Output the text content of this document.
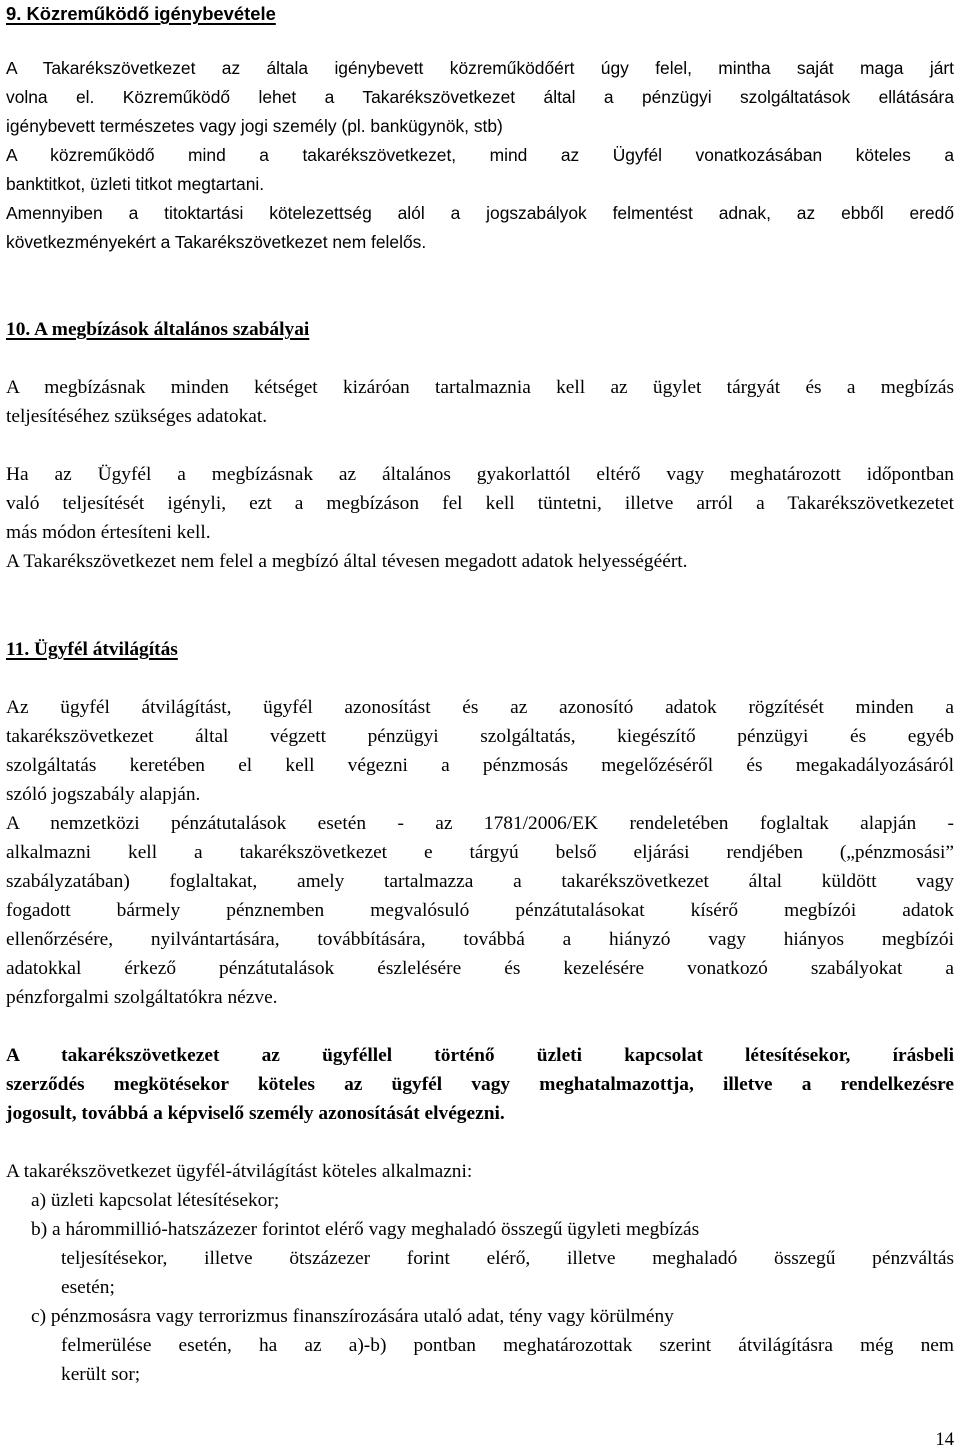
9. Közreműködő igénybevétele
A Takarékszövetkezet az általa igénybevett közreműködőért úgy felel, mintha saját maga járt
volna el. Közreműködő lehet a Takarékszövetkezet által a pénzügyi szolgáltatások ellátására
igénybevett természetes vagy jogi személy (pl. bankügynök, stb)
A közreműködő mind a takarékszövetkezet, mind az Ügyfél vonatkozásában köteles a
banktitkot, üzleti titkot megtartani.
Amennyiben a titoktartási kötelezettség alól a jogszabályok felmentést adnak, az ebből eredő
következményekért a Takarékszövetkezet nem felelős.
10. A megbízások általános szabályai
A megbízásnak minden kétséget kizáróan tartalmaznia kell az ügylet tárgyát és a megbízás
teljesítéséhez szükséges adatokat.
Ha az Ügyfél a megbízásnak az általános gyakorlattól eltérő vagy meghatározott időpontban
való teljesítését igényli, ezt a megbízáson fel kell tüntetni, illetve arról a Takarékszövetkezetet
más módon értesíteni kell.
A Takarékszövetkezet nem felel a megbízó által tévesen megadott adatok helyességéért.
11. Ügyfél átvilágítás
Az ügyfél átvilágítást, ügyfél azonosítást és az azonosító adatok rögzítését minden a
takarékszövetkezet által végzett pénzügyi szolgáltatás, kiegészítő pénzügyi és egyéb
szolgáltatás keretében el kell végezni a pénzmosás megelőzéséről és megakadályozásáról
szóló jogszabály alapján.
A nemzetközi pénzátutalások esetén - az 1781/2006/EK rendeletében foglaltak alapján -
alkalmazni kell a takarékszövetkezet e tárgyú belső eljárási rendjében („pénzmosási”
szabályzatában) foglaltakat, amely tartalmazza a takarékszövetkezet által küldött vagy
fogadott bármely pénznemben megvalósuló pénzátutalásokat kísérő megbízói adatok
ellenőrzésére, nyilvántartására, továbbítására, továbbá a hiányzó vagy hiányos megbízói
adatokkal érkező pénzátutalások észlelésére és kezelésére vonatkozó szabályokat a
pénzforgalmi szolgáltatókra nézve.
A takarékszövetkezet az ügyféllel történő üzleti kapcsolat létesítésekor, írásbeli
szerződés megkötésekor köteles az ügyfél vagy meghatalmazottja, illetve a rendelkezésre
jogosult, továbbá a képviselő személy azonosítását elvégezni.
A takarékszövetkezet ügyfél-átvilágítást köteles alkalmazni:
a) üzleti kapcsolat létesítésekor;
b) a hárommillió-hatszázezer forintot elérő vagy meghaladó összegű ügyleti megbízás
teljesítésekor, illetve ötszázezer forint elérő, illetve meghaladó összegű pénzváltás
esetén;
c) pénzmosásra vagy terrorizmus finanszírozására utaló adat, tény vagy körülmény
felmerülése esetén, ha az a)-b) pontban meghatározottak szerint átvilágításra még nem
került sor;
14
